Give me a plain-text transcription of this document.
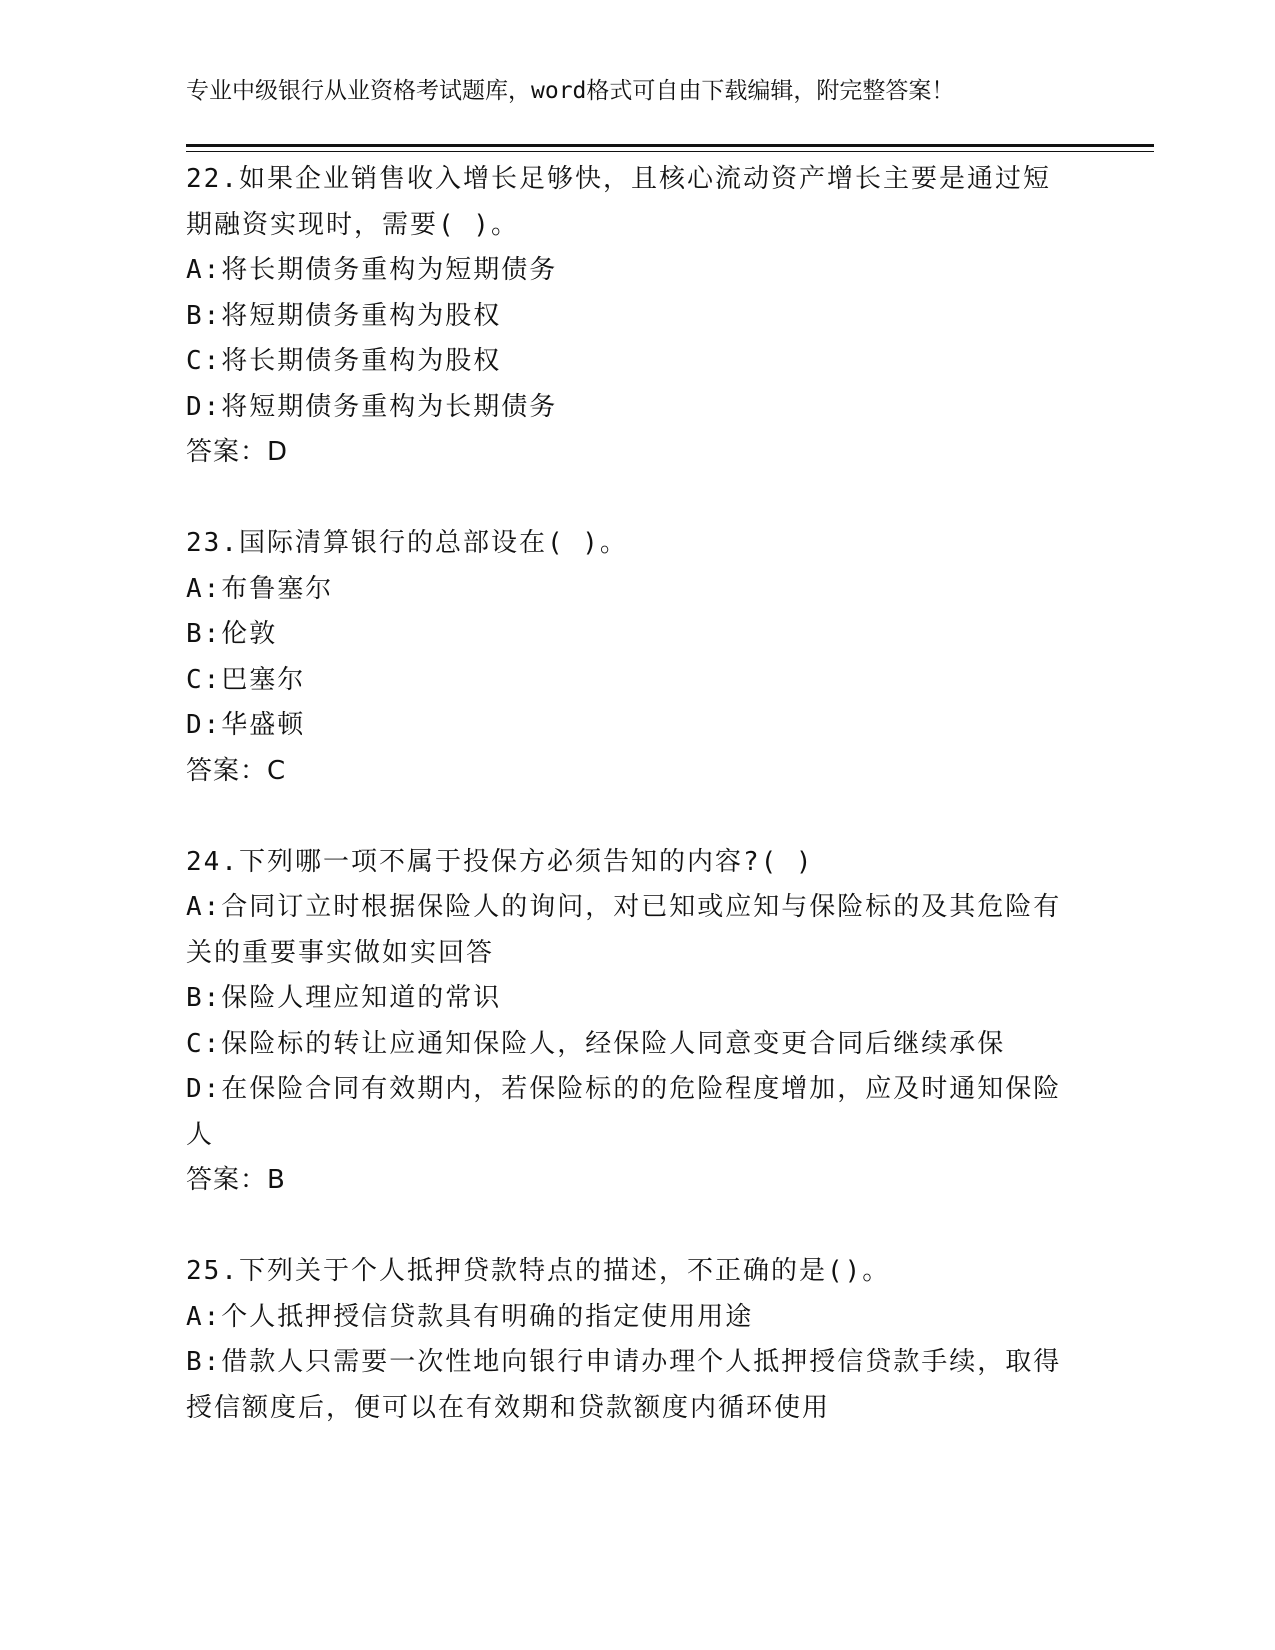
专业中级银行从业资格考试题库，word格式可自由下载编辑，附完整答案！
22.如果企业销售收入增长足够快，且核心流动资产增长主要是通过短期融资实现时，需要( )。
A:将长期债务重构为短期债务
B:将短期债务重构为股权
C:将长期债务重构为股权
D:将短期债务重构为长期债务
答案：D
23.国际清算银行的总部设在( )。
A:布鲁塞尔
B:伦敦
C:巴塞尔
D:华盛顿
答案：C
24.下列哪一项不属于投保方必须告知的内容?( )
A:合同订立时根据保险人的询问，对已知或应知与保险标的及其危险有关的重要事实做如实回答
B:保险人理应知道的常识
C:保险标的转让应通知保险人，经保险人同意变更合同后继续承保
D:在保险合同有效期内，若保险标的的危险程度增加，应及时通知保险人
答案：B
25.下列关于个人抵押贷款特点的描述，不正确的是()。
A:个人抵押授信贷款具有明确的指定使用用途
B:借款人只需要一次性地向银行申请办理个人抵押授信贷款手续，取得授信额度后，便可以在有效期和贷款额度内循环使用
